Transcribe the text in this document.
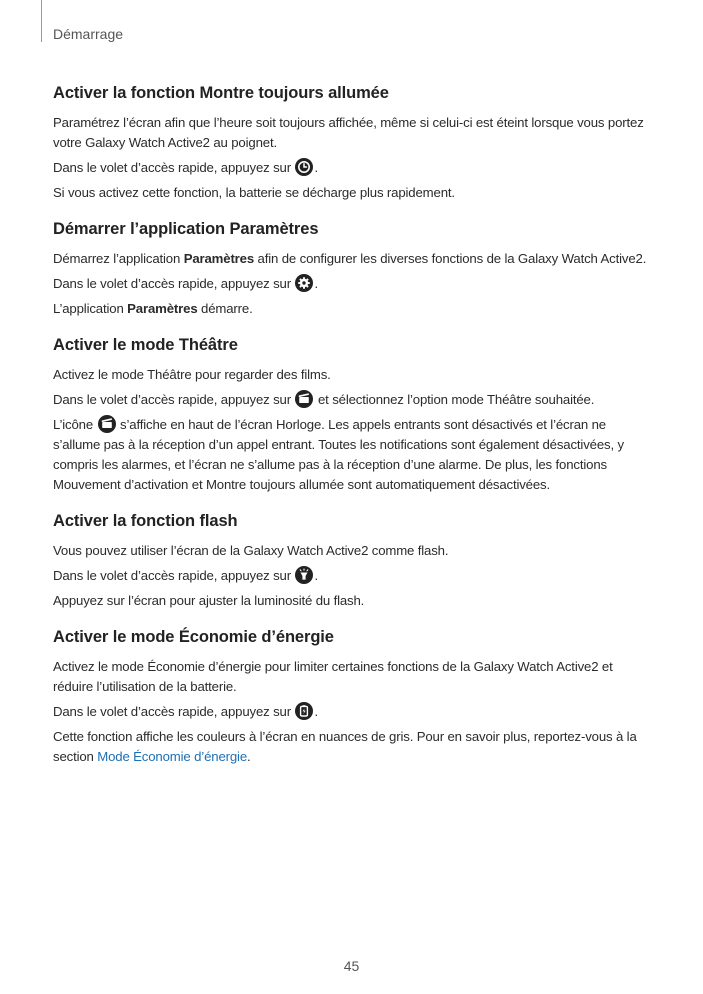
Démarrage
Activer la fonction Montre toujours allumée

Paramétrez l’écran afin que l’heure soit toujours affichée, même si celui-ci est éteint lorsque vous portez votre Galaxy Watch Active2 au poignet.

Dans le volet d’accès rapide, appuyez sur
.

Si vous activez cette fonction, la batterie se décharge plus rapidement.

Démarrer l’application Paramètres

Démarrez l’application Paramètres afin de configurer les diverses fonctions de la Galaxy Watch Active2.

Dans le volet d’accès rapide, appuyez sur
.

L’application Paramètres démarre.

Activer le mode Théâtre

Activez le mode Théâtre pour regarder des films.

Dans le volet d’accès rapide, appuyez sur
et sélectionnez l’option mode Théâtre souhaitée.

L’icône
s’affiche en haut de l’écran Horloge. Les appels entrants sont désactivés et l’écran ne s’allume pas à la réception d’un appel entrant. Toutes les notifications sont également désactivées, y compris les alarmes, et l’écran ne s’allume pas à la réception d’une alarme. De plus, les fonctions Mouvement d’activation et Montre toujours allumée sont automatiquement désactivées.

Activer la fonction flash

Vous pouvez utiliser l’écran de la Galaxy Watch Active2 comme flash.

Dans le volet d’accès rapide, appuyez sur
.

Appuyez sur l’écran pour ajuster la luminosité du flash.

Activer le mode Économie d’énergie

Activez le mode Économie d’énergie pour limiter certaines fonctions de la Galaxy Watch Active2 et réduire l’utilisation de la batterie.

Dans le volet d’accès rapide, appuyez sur
.

Cette fonction affiche les couleurs à l’écran en nuances de gris. Pour en savoir plus, reportez-vous à la section Mode Économie d’énergie.

45
